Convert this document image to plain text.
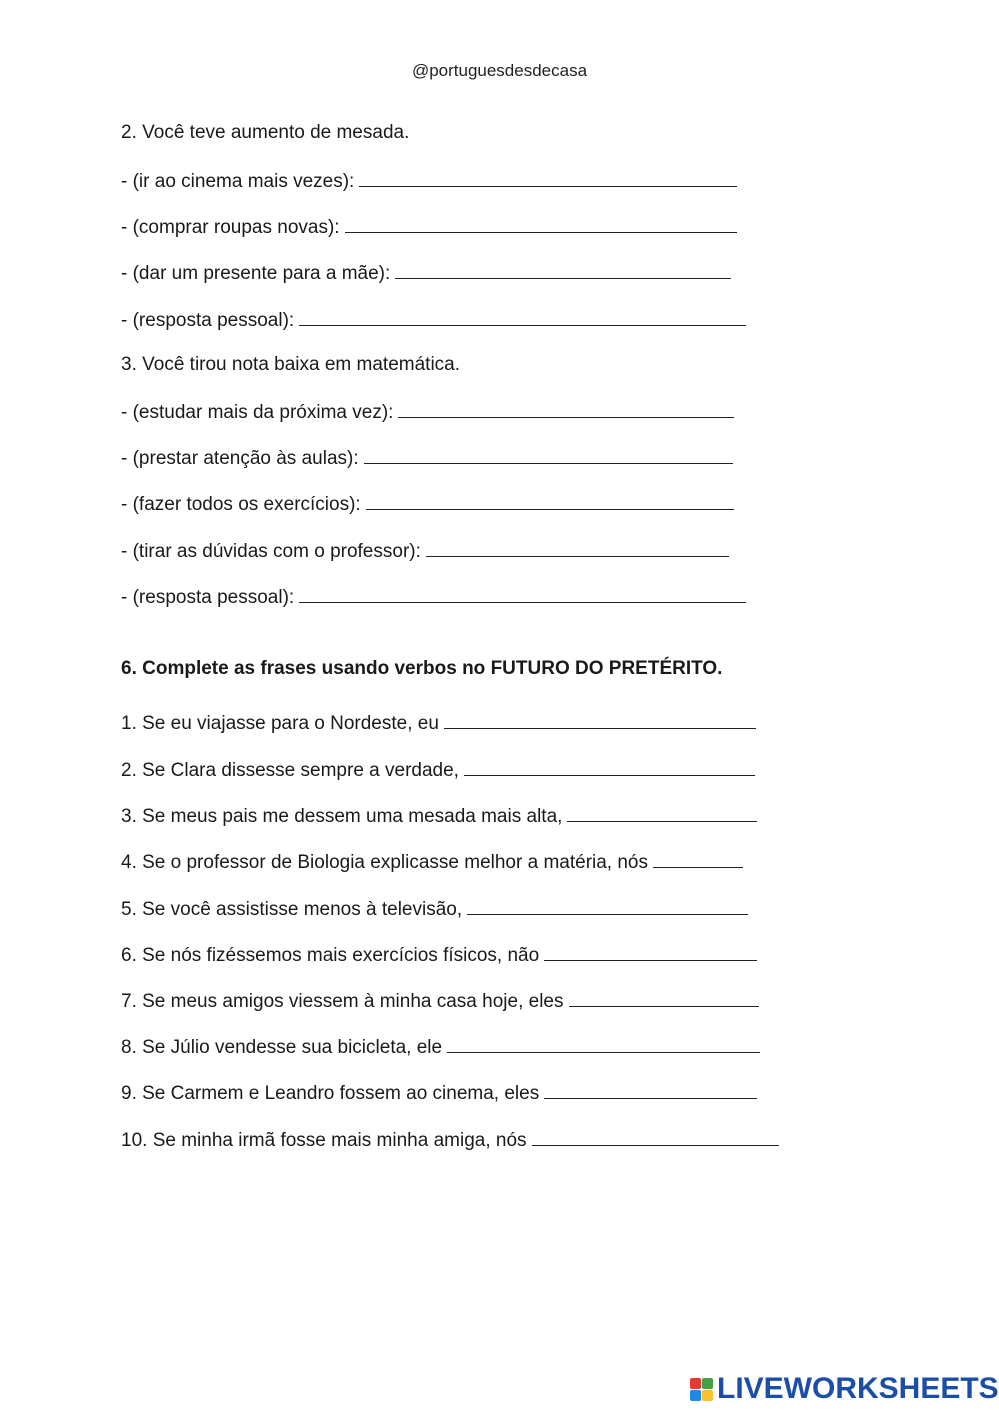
@portuguesdesdecasa
2. Você teve aumento de mesada.
- (ir ao cinema mais vezes):
- (comprar roupas novas):
- (dar um presente para a mãe):
- (resposta pessoal):
3. Você tirou nota baixa em matemática.
- (estudar mais da próxima vez):
- (prestar atenção às aulas):
- (fazer todos os exercícios):
- (tirar as dúvidas com o professor):
- (resposta pessoal):
6. Complete as frases usando verbos no FUTURO DO PRETÉRITO.
1. Se eu viajasse para o Nordeste, eu
2. Se Clara dissesse sempre a verdade,
3. Se meus pais me dessem uma mesada mais alta,
4. Se o professor de Biologia explicasse melhor a matéria, nós
5. Se você assistisse menos à televisão,
6. Se nós fizéssemos mais exercícios físicos, não
7. Se meus amigos viessem à minha casa hoje, eles
8. Se Júlio vendesse sua bicicleta, ele
9. Se Carmem e Leandro fossem ao cinema, eles
10. Se minha irmã fosse mais minha amiga, nós
LIVEWORKSHEETS
